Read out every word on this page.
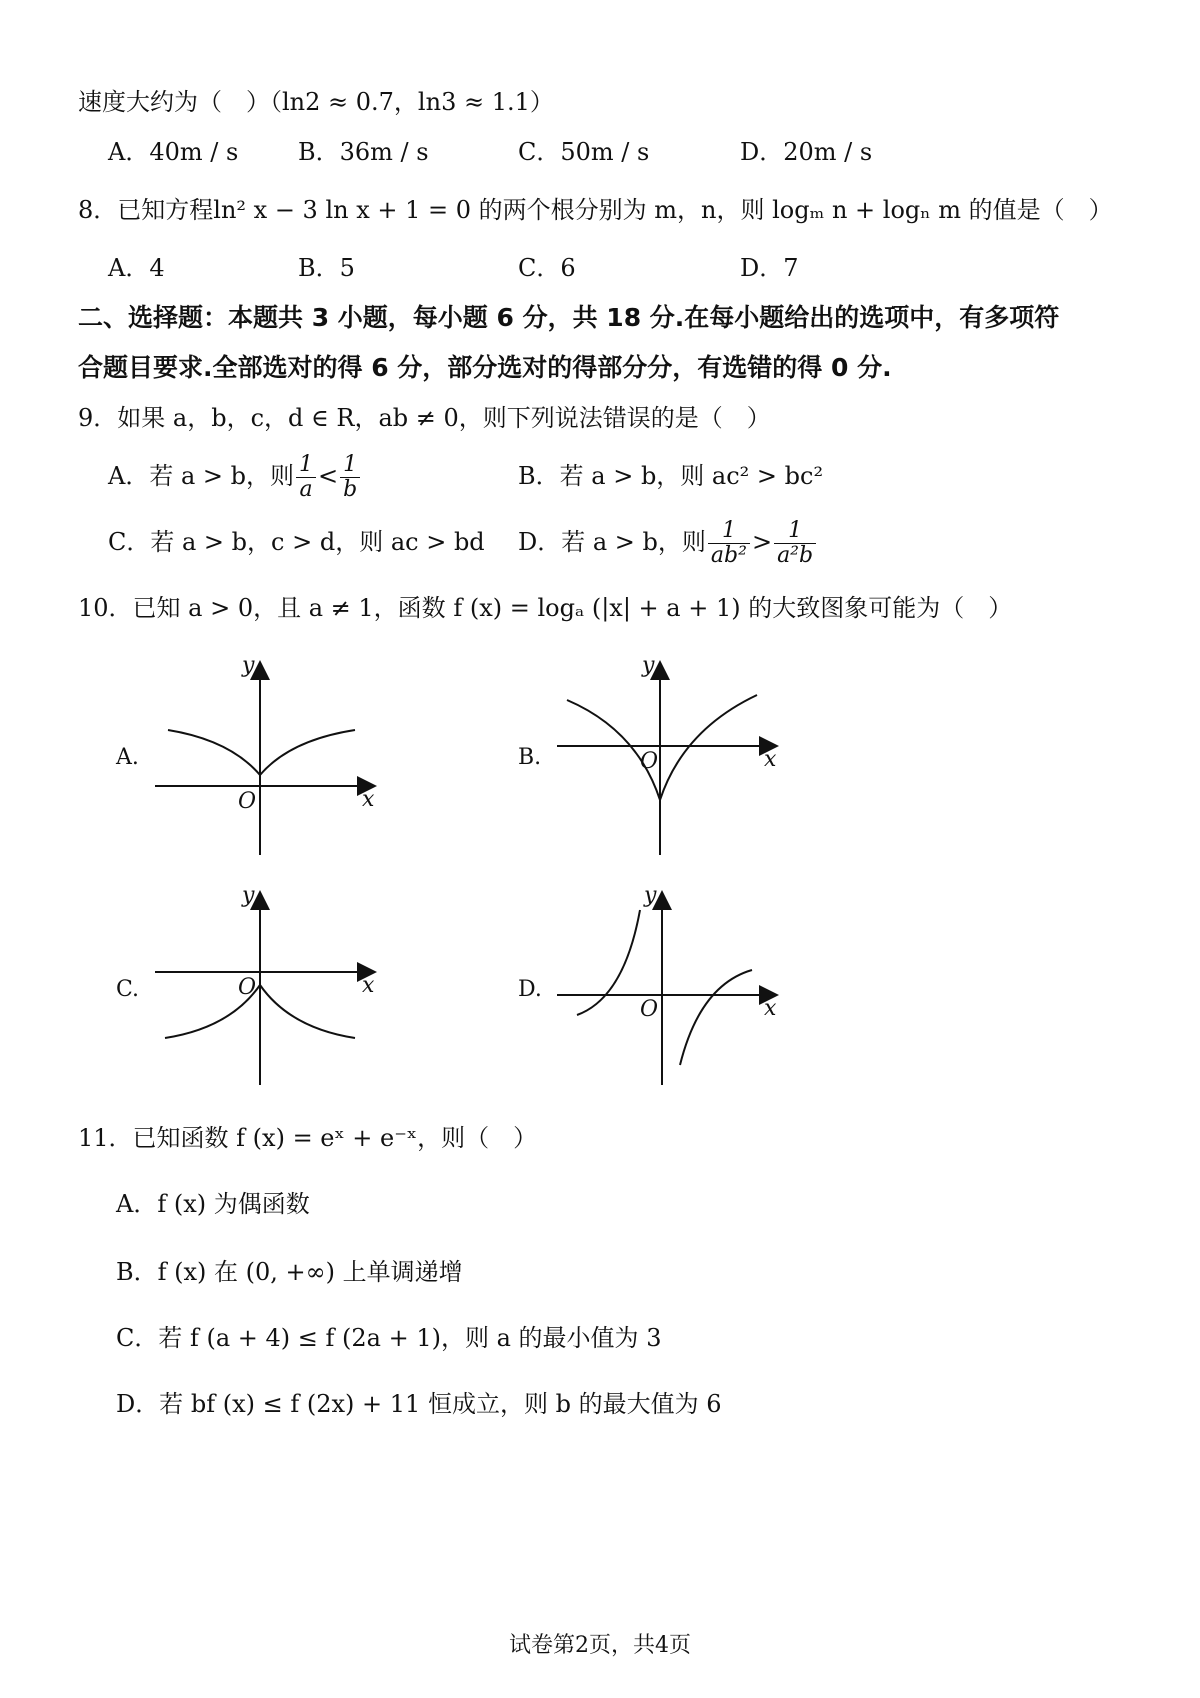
速度大约为（　）（ln2 ≈ 0.7，ln3 ≈ 1.1）
A．40m / s B．36m / s	C．50m / s	D．20m / s
8．已知方程ln² x − 3 ln x + 1 = 0 的两个根分别为 m，n，则 logₘ n + logₙ m 的值是（　）
A．4	B．5	C．6	D．7
二、选择题：本题共 3 小题，每小题 6 分，共 18 分.在每小题给出的选项中，有多项符
合题目要求.全部选对的得 6 分，部分选对的得部分分，有选错的得 0 分.
9．如果 a，b，c，d ∈ R，ab ≠ 0，则下列说法错误的是（　）
A．若 a > b，则 $\frac{1}{a} < \frac{1}{b}$	B．若 a > b，则 ac² > bc²
C．若 a > b，c > d，则 ac > bd D．若 a > b，则 $\frac{1}{\text{ab²}} > \frac{1}{\text{a²b}}$
10．已知 a > 0，且 a ≠ 1，函数 f (x) = logₐ (|x| + a + 1) 的大致图象可能为（　）
A.
y
x
O
B.
y
x
O
C.
y
x
O	D.
y
x
O
11．已知函数 f (x) = eˣ + e⁻ˣ，则（　）
A．f (x) 为偶函数
B．f (x) 在 (0, +∞) 上单调递增
C．若 f (a + 4) ≤ f (2a + 1)，则 a 的最小值为 3
D．若 bf (x) ≤ f (2x) + 11 恒成立，则 b 的最大值为 6
试卷第2页，共4页
